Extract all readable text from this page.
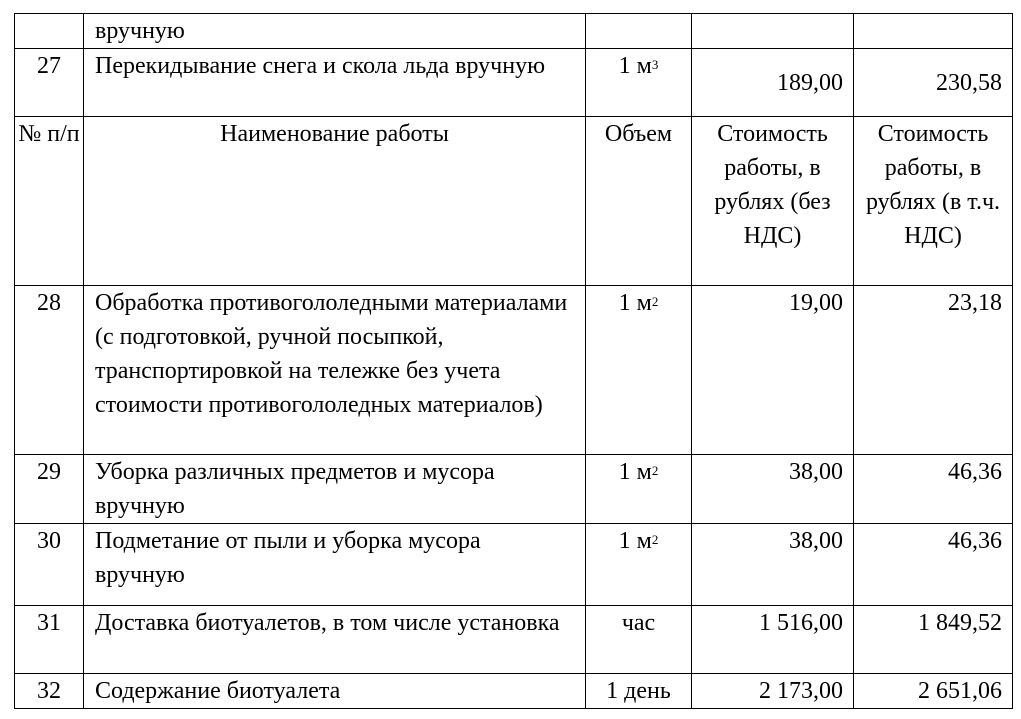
	вручную			
27	Перекидывание снега и скола льда вручную	1 $м^3$	189,00	230,58
№ п/п	Наименование работы	Объем	Стоимость работы, в рублях (без НДС)	Стоимость работы, в рублях (в т.ч. НДС)
28	Обработка противогололедными материалами (с подготовкой, ручной посыпкой, транспортировкой на тележке без учета стоимости противогололедных материалов)	1 $м^2$	19,00	23,18
29	Уборка различных предметов и мусора вручную	1 $м^2$	38,00	46,36
30	Подметание от пыли и уборка мусора вручную	1 $м^2$	38,00	46,36
31	Доставка биотуалетов, в том числе установка	час	1 516,00	1 849,52
32	Содержание биотуалета	1 день	2 173,00	2 651,06
